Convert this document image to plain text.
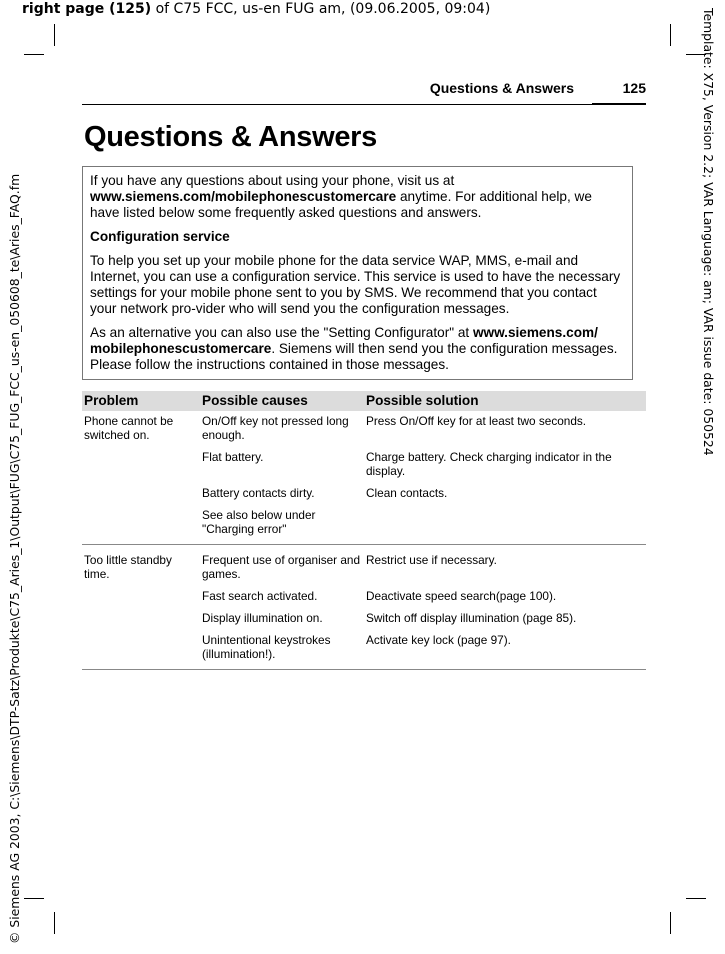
right page (125) of C75 FCC, us-en FUG am, (09.06.2005, 09:04)	Template: X75, Version 2.2; VAR Language: am; VAR issue date: 050524
© Siemens AG 2003, C:\Siemens\DTP-Satz\Produkte\C75_Aries_1\Output\FUG\C75_FUG_FCC_us-en_050608_te\Aries_FAQ.fm
Questions & Answers	125
Questions & Answers

If you have any questions about using your phone, visit us at www.siemens.com/mobilephonescustomercare anytime. For additional help, we have listed below some frequently asked questions and answers.

Configuration service

To help you set up your mobile phone for the data service WAP, MMS, e-mail and Internet, you can use a configuration service. This service is used to have the necessary settings for your mobile phone sent to you by SMS. We recommend that you contact your network pro-vider who will send you the configuration messages.

As an alternative you can also use the "Setting Configurator" at www.siemens.com/ mobilephonescustomercare. Siemens will then send you the configuration messages. Please follow the instructions contained in those messages.

Problem	Possible causes	Possible solution
Phone cannot be switched on.	On/Off key not pressed long enough.	Press On/Off key for at least two seconds.
	Flat battery.	Charge battery. Check charging indicator in the display.
	Battery contacts dirty.	Clean contacts.
	See also below under "Charging error"	
Too little standby time.	Frequent use of organiser and games.	Restrict use if necessary.
	Fast search activated.	Deactivate speed search(page 100).
	Display illumination on.	Switch off display illumination (page 85).
	Unintentional keystrokes (illumination!).	Activate key lock (page 97).
